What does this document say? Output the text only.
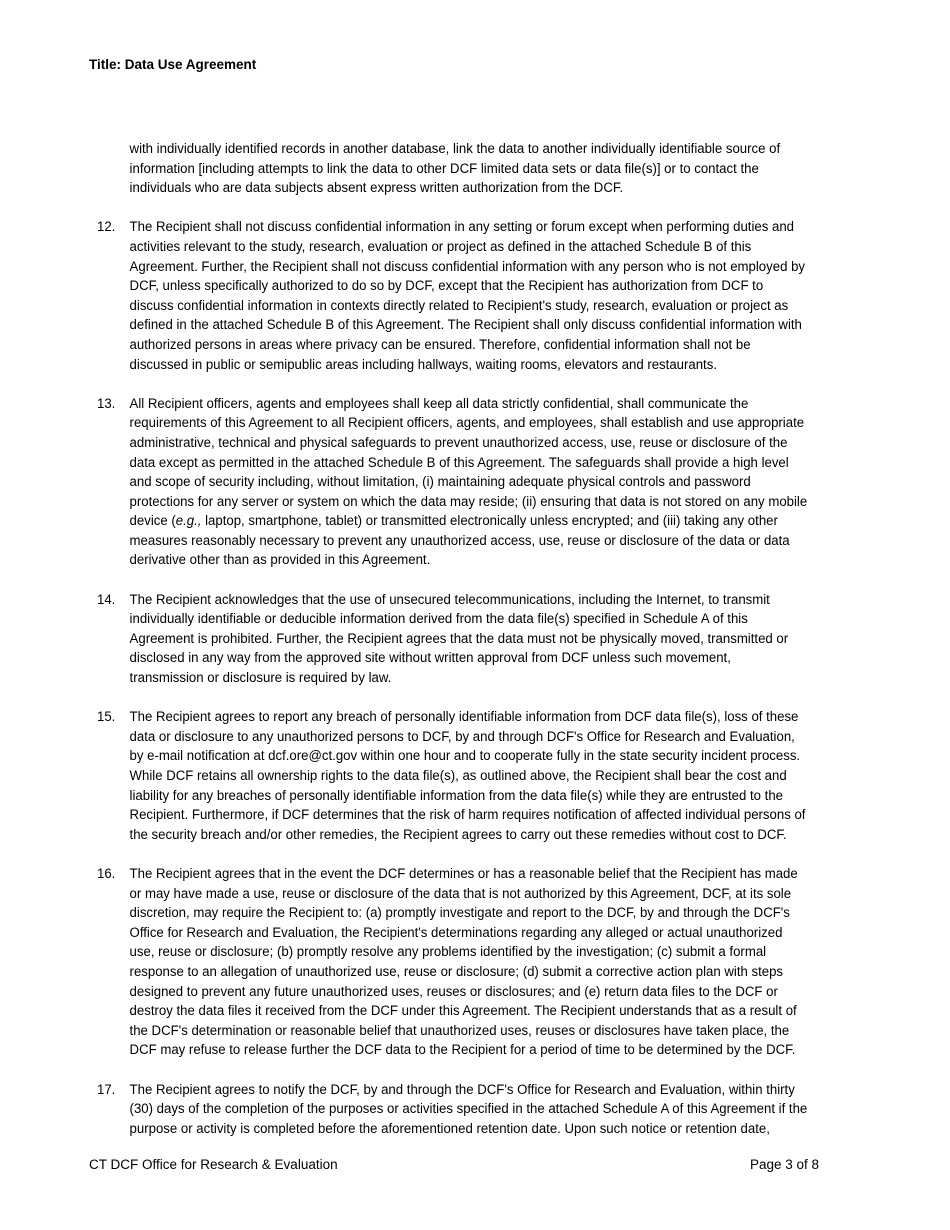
Title: Data Use Agreement
with individually identified records in another database, link the data to another individually identifiable source of information [including attempts to link the data to other DCF limited data sets or data file(s)] or to contact the individuals who are data subjects absent express written authorization from the DCF.
12. The Recipient shall not discuss confidential information in any setting or forum except when performing duties and activities relevant to the study, research, evaluation or project as defined in the attached Schedule B of this Agreement. Further, the Recipient shall not discuss confidential information with any person who is not employed by DCF, unless specifically authorized to do so by DCF, except that the Recipient has authorization from DCF to discuss confidential information in contexts directly related to Recipient's study, research, evaluation or project as defined in the attached Schedule B of this Agreement. The Recipient shall only discuss confidential information with authorized persons in areas where privacy can be ensured. Therefore, confidential information shall not be discussed in public or semipublic areas including hallways, waiting rooms, elevators and restaurants.
13. All Recipient officers, agents and employees shall keep all data strictly confidential, shall communicate the requirements of this Agreement to all Recipient officers, agents, and employees, shall establish and use appropriate administrative, technical and physical safeguards to prevent unauthorized access, use, reuse or disclosure of the data except as permitted in the attached Schedule B of this Agreement. The safeguards shall provide a high level and scope of security including, without limitation, (i) maintaining adequate physical controls and password protections for any server or system on which the data may reside; (ii) ensuring that data is not stored on any mobile device (e.g., laptop, smartphone, tablet) or transmitted electronically unless encrypted; and (iii) taking any other measures reasonably necessary to prevent any unauthorized access, use, reuse or disclosure of the data or data derivative other than as provided in this Agreement.
14. The Recipient acknowledges that the use of unsecured telecommunications, including the Internet, to transmit individually identifiable or deducible information derived from the data file(s) specified in Schedule A of this Agreement is prohibited. Further, the Recipient agrees that the data must not be physically moved, transmitted or disclosed in any way from the approved site without written approval from DCF unless such movement, transmission or disclosure is required by law.
15. The Recipient agrees to report any breach of personally identifiable information from DCF data file(s), loss of these data or disclosure to any unauthorized persons to DCF, by and through DCF's Office for Research and Evaluation, by e-mail notification at dcf.ore@ct.gov within one hour and to cooperate fully in the state security incident process. While DCF retains all ownership rights to the data file(s), as outlined above, the Recipient shall bear the cost and liability for any breaches of personally identifiable information from the data file(s) while they are entrusted to the Recipient. Furthermore, if DCF determines that the risk of harm requires notification of affected individual persons of the security breach and/or other remedies, the Recipient agrees to carry out these remedies without cost to DCF.
16. The Recipient agrees that in the event the DCF determines or has a reasonable belief that the Recipient has made or may have made a use, reuse or disclosure of the data that is not authorized by this Agreement, DCF, at its sole discretion, may require the Recipient to: (a) promptly investigate and report to the DCF, by and through the DCF's Office for Research and Evaluation, the Recipient's determinations regarding any alleged or actual unauthorized use, reuse or disclosure; (b) promptly resolve any problems identified by the investigation; (c) submit a formal response to an allegation of unauthorized use, reuse or disclosure; (d) submit a corrective action plan with steps designed to prevent any future unauthorized uses, reuses or disclosures; and (e) return data files to the DCF or destroy the data files it received from the DCF under this Agreement. The Recipient understands that as a result of the DCF's determination or reasonable belief that unauthorized uses, reuses or disclosures have taken place, the DCF may refuse to release further the DCF data to the Recipient for a period of time to be determined by the DCF.
17. The Recipient agrees to notify the DCF, by and through the DCF's Office for Research and Evaluation, within thirty (30) days of the completion of the purposes or activities specified in the attached Schedule A of this Agreement if the purpose or activity is completed before the aforementioned retention date. Upon such notice or retention date,
CT DCF Office for Research & Evaluation	Page 3 of 8
